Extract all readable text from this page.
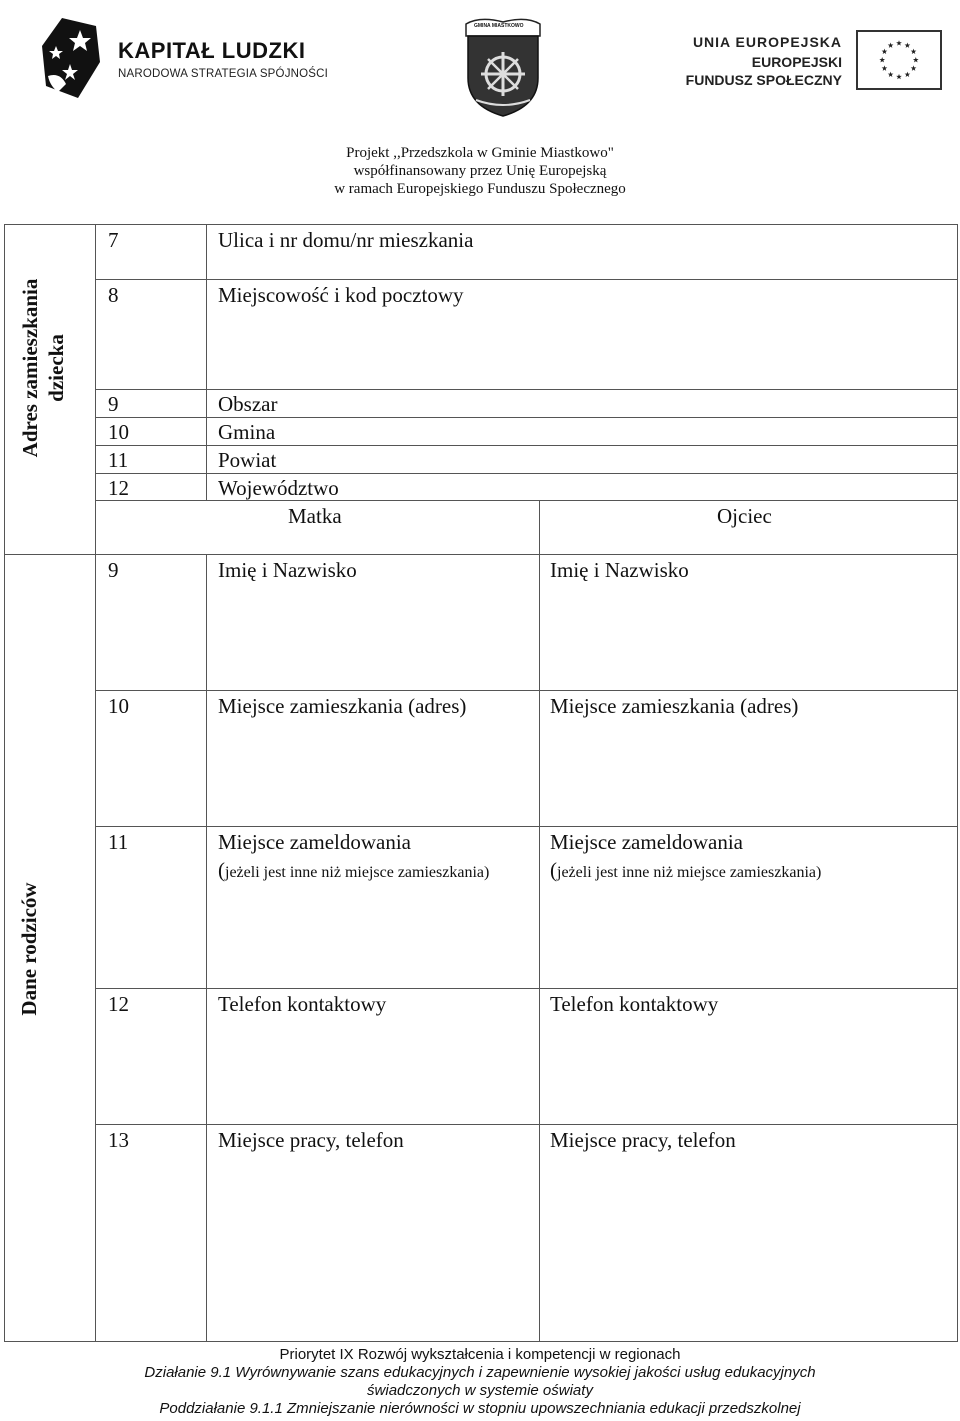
KAPITAŁ LUDZKI
NARODOWA STRATEGIA SPÓJNOŚCI
GMINA MIASTKOWO
UNIA EUROPEJSKA
EUROPEJSKI
FUNDUSZ SPOŁECZNY
Projekt ,,Przedszkola w Gminie Miastkowo"
współfinansowany przez Unię Europejską
w ramach Europejskiego Funduszu Społecznego
Adres zamieszkania dziecka
Dane rodziców
7	Ulica i nr domu/nr mieszkania
8	Miejscowość i kod pocztowy
9	Obszar
10	Gmina
11	Powiat
12	Województwo
Matka	Ojciec
9	Imię i Nazwisko	Imię i Nazwisko
10	Miejsce zamieszkania (adres)	Miejsce zamieszkania (adres)
11	Miejsce zameldowania	Miejsce zameldowania
(jeżeli jest inne niż miejsce zamieszkania)	(jeżeli jest inne niż miejsce zamieszkania)
12	Telefon kontaktowy	Telefon kontaktowy
13	Miejsce pracy, telefon	Miejsce pracy, telefon
Priorytet IX Rozwój wykształcenia i kompetencji w regionach
Działanie 9.1 Wyrównywanie szans edukacyjnych i zapewnienie wysokiej jakości usług edukacyjnych
świadczonych w systemie oświaty
Poddziałanie 9.1.1 Zmniejszanie nierówności w stopniu upowszechniania edukacji przedszkolnej
